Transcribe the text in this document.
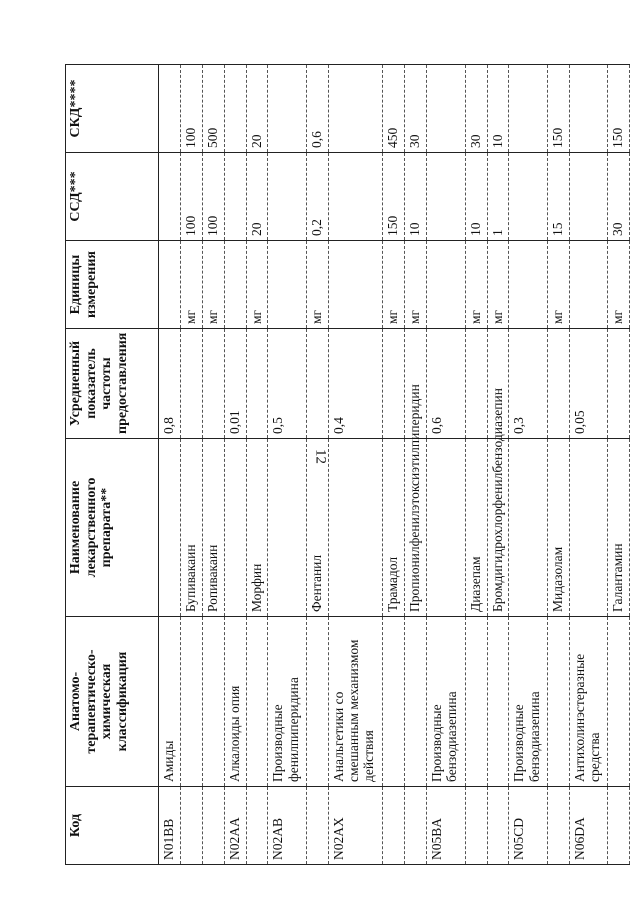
12
Код	Анатомо-терапевтическо-химическая классификация	Наименование лекарственного препарата**	Усредненный показатель частоты предоставления	Единицы измерения	ССД***	СКД****
N01BB	Амиды		0,8			
		Бупивакаин		мг	100	100
		Ропивакаин		мг	100	500
N02AA	Алкалоиды опия		0,01			
		Морфин		мг	20	20
N02AB	Производные фенилпиперидина		0,5			
		Фентанил		мг	0,2	0,6
N02AX	Анальгетики со смешанным механизмом действия		0,4			
		Трамадол		мг	150	450
		Пропионилфенилэтоксиэтилпиперидин		мг	10	30
N05BA	Производные бензодиазепина		0,6			
		Диазепам		мг	10	30
		Бромдигидрохлорфенилбензодиазепин		мг	1	10
N05CD	Производные бензодиазепина		0,3			
		Мидазолам		мг	15	150
N06DA	Антихолинэстеразные средства		0,05			
		Галантамин		мг	30	150
